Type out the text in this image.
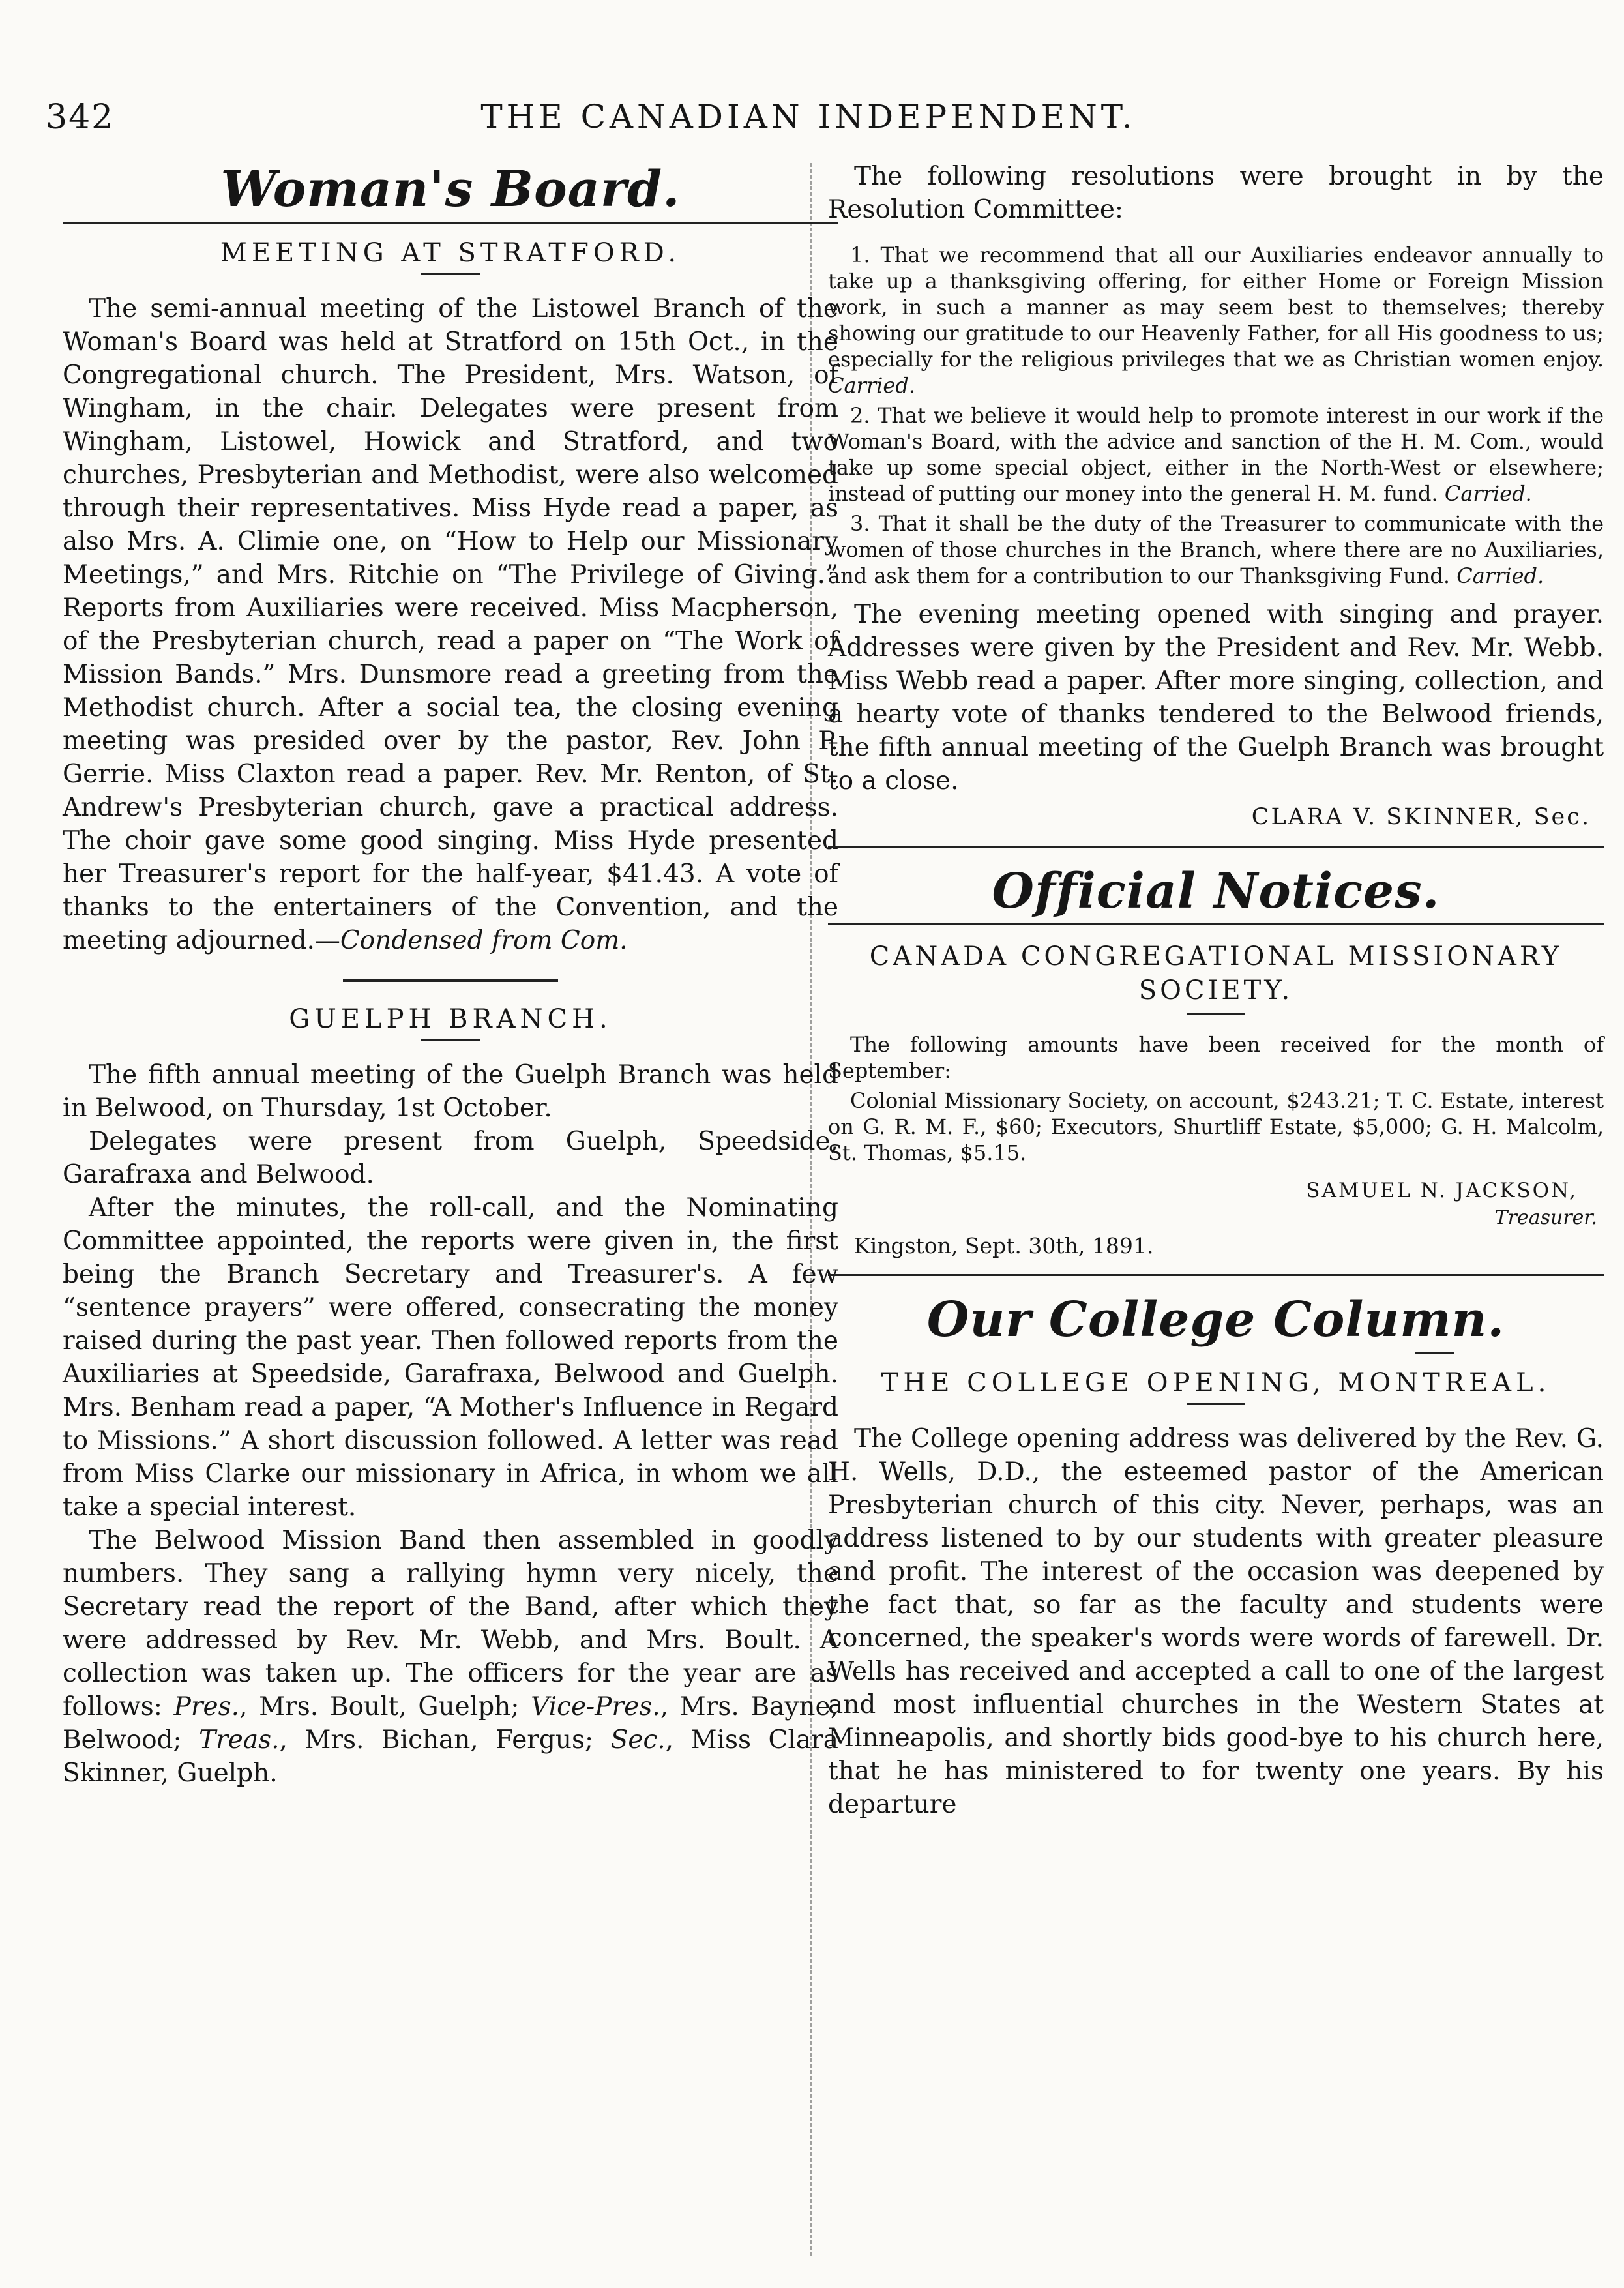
342	THE CANADIAN INDEPENDENT.
Woman's Board.
MEETING AT STRATFORD.

The semi-annual meeting of the Listowel Branch of the Woman's Board was held at Stratford on 15th Oct., in the Congregational church. The President, Mrs. Watson, of Wingham, in the chair. Delegates were present from Wingham, Listowel, Howick and Stratford, and two churches, Presbyterian and Methodist, were also welcomed through their representatives. Miss Hyde read a paper, as also Mrs. A. Climie one, on “How to Help our Missionary Meetings,” and Mrs. Ritchie on “The Privilege of Giving.” Reports from Auxiliaries were received. Miss Macpherson, of the Presbyterian church, read a paper on “The Work of Mission Bands.” Mrs. Dunsmore read a greeting from the Methodist church. After a social tea, the closing evening meeting was presided over by the pastor, Rev. John P. Gerrie. Miss Claxton read a paper. Rev. Mr. Renton, of St. Andrew's Presbyterian church, gave a practical address. The choir gave some good singing. Miss Hyde presented her Treasurer's report for the half-year, $41.43. A vote of thanks to the entertainers of the Convention, and the meeting adjourned.—Condensed from Com.

GUELPH BRANCH.

The fifth annual meeting of the Guelph Branch was held in Belwood, on Thursday, 1st October.

Delegates were present from Guelph, Speedside, Garafraxa and Belwood.

After the minutes, the roll-call, and the Nominating Committee appointed, the reports were given in, the first being the Branch Secretary and Treasurer's. A few “sentence prayers” were offered, consecrating the money raised during the past year. Then followed reports from the Auxiliaries at Speedside, Garafraxa, Belwood and Guelph. Mrs. Benham read a paper, “A Mother's Influence in Regard to Missions.” A short discussion followed. A letter was read from Miss Clarke our missionary in Africa, in whom we all take a special interest.

The Belwood Mission Band then assembled in goodly numbers. They sang a rallying hymn very nicely, the Secretary read the report of the Band, after which they were addressed by Rev. Mr. Webb, and Mrs. Boult. A collection was taken up. The officers for the year are as follows: Pres., Mrs. Boult, Guelph; Vice-Pres., Mrs. Bayne, Belwood; Treas., Mrs. Bichan, Fergus; Sec., Miss Clara Skinner, Guelph.

The following resolutions were brought in by the Resolution Committee:

1. That we recommend that all our Auxiliaries endeavor annually to take up a thanksgiving offering, for either Home or Foreign Mission work, in such a manner as may seem best to themselves; thereby showing our gratitude to our Heavenly Father, for all His goodness to us; especially for the religious privileges that we as Christian women enjoy. Carried.

2. That we believe it would help to promote interest in our work if the Woman's Board, with the advice and sanction of the H. M. Com., would take up some special object, either in the North-West or elsewhere; instead of putting our money into the general H. M. fund. Carried.

3. That it shall be the duty of the Treasurer to communicate with the women of those churches in the Branch, where there are no Auxiliaries, and ask them for a contribution to our Thanksgiving Fund. Carried.

The evening meeting opened with singing and prayer. Addresses were given by the President and Rev. Mr. Webb. Miss Webb read a paper. After more singing, collection, and a hearty vote of thanks tendered to the Belwood friends, the fifth annual meeting of the Guelph Branch was brought to a close.

CLARA V. SKINNER, Sec.
Official Notices.
CANADA CONGREGATIONAL MISSIONARY SOCIETY.

The following amounts have been received for the month of September:

Colonial Missionary Society, on account, $243.21; T. C. Estate, interest on G. R. M. F., $60; Executors, Shurtliff Estate, $5,000; G. H. Malcolm, St. Thomas, $5.15.

SAMUEL N. JACKSON,
Treasurer.
Kingston, Sept. 30th, 1891.
Our College Column.
THE COLLEGE OPENING, MONTREAL.

The College opening address was delivered by the Rev. G. H. Wells, D.D., the esteemed pastor of the American Presbyterian church of this city. Never, perhaps, was an address listened to by our students with greater pleasure and profit. The interest of the occasion was deepened by the fact that, so far as the faculty and students were concerned, the speaker's words were words of farewell. Dr. Wells has received and accepted a call to one of the largest and most influential churches in the Western States at Minneapolis, and shortly bids good-bye to his church here, that he has ministered to for twenty one years. By his departure
